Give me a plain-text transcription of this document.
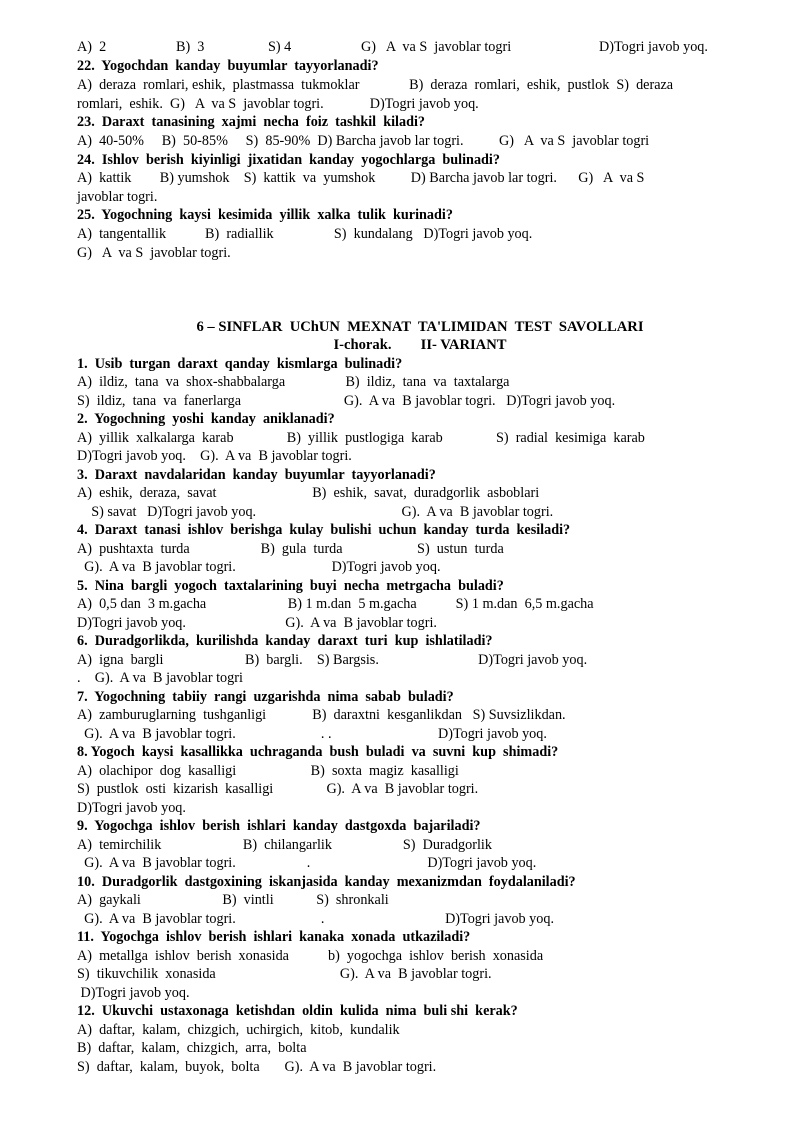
A)  2	B)  3	S) 4	G)   A  va S  javoblar togri	D)Togri javob yoq.
22.  Yogochdan  kanday  buyumlar  tayyorlanadi?
A)  deraza  romlari, eshik,  plastmassa  tukmoklar              B)  deraza  romlari,  eshik,  pustlok  S)  deraza
romlari,  eshik.  G)   A  va S  javoblar togri.             D)Togri javob yoq.
23.  Daraxt  tanasining  xajmi  necha  foiz  tashkil  kiladi?
A)  40-50%     B)  50-85%     S)  85-90%  D) Barcha javob lar togri.          G)   A  va S  javoblar togri
24.  Ishlov  berish  kiyinligi  jixatidan  kanday  yogochlarga  bulinadi?
A)  kattik        B) yumshok    S)  kattik  va  yumshok          D) Barcha javob lar togri.      G)   A  va S
javoblar togri.
25.  Yogochning  kaysi  kesimida  yillik  xalka  tulik  kurinadi?
A)  tangentallik           B)  radiallik                 S)  kundalang   D)Togri javob yoq.
G)   A  va S  javoblar togri.
6 – SINFLAR  UChUN  MEXNAT  TA'LIMIDAN  TEST  SAVOLLARI
I-chorak.        II- VARIANT
1.  Usib  turgan  daraxt  qanday  kismlarga  bulinadi?
A)  ildiz,  tana  va  shox-shabbalarga                 B)  ildiz,  tana  va  taxtalarga
S)  ildiz,  tana  va  fanerlarga                             G).  A va  B javoblar togri.   D)Togri javob yoq.
2.  Yogochning  yoshi  kanday  aniklanadi?
A)  yillik  xalkalarga  karab               B)  yillik  pustlogiga  karab               S)  radial  kesimiga  karab
D)Togri javob yoq.    G).  A va  B javoblar togri.
3.  Daraxt  navdalaridan  kanday  buyumlar  tayyorlanadi?
A)  eshik,  deraza,  savat                           B)  eshik,  savat,  duradgorlik  asboblari
S) savat   D)Togri javob yoq.                                         G).  A va  B javoblar togri.
4.  Daraxt  tanasi  ishlov  berishga  kulay  bulishi  uchun  kanday  turda  kesiladi?
A)  pushtaxta  turda                    B)  gula  turda                     S)  ustun  turda
G).  A va  B javoblar togri.                           D)Togri javob yoq.
5.  Nina  bargli  yogoch  taxtalarining  buyi  necha  metrgacha  buladi?
A)  0,5 dan  3 m.gacha                       B) 1 m.dan  5 m.gacha           S) 1 m.dan  6,5 m.gacha
D)Togri javob yoq.                            G).  A va  B javoblar togri.
6.  Duradgorlikda,  kurilishda  kanday  daraxt  turi  kup  ishlatiladi?
A)  igna  bargli                       B)  bargli.    S) Bargsis.                            D)Togri javob yoq.
.    G).  A va  B javoblar togri
7.  Yogochning  tabiiy  rangi  uzgarishda  nima  sabab  buladi?
A)  zamburuglarning  tushganligi             B)  daraxtni  kesganlikdan   S) Suvsizlikdan.
G).  A va  B javoblar togri.                        . .                              D)Togri javob yoq.
8. Yogoch  kaysi  kasallikka  uchraganda  bush  buladi  va  suvni  kup  shimadi?
A)  olachipor  dog  kasalligi                     B)  soxta  magiz  kasalligi
S)  pustlok  osti  kizarish  kasalligi               G).  A va  B javoblar togri.
D)Togri javob yoq.
9.  Yogochga  ishlov  berish  ishlari  kanday  dastgoxda  bajariladi?
A)  temirchilik                       B)  chilangarlik                    S)  Duradgorlik
G).  A va  B javoblar togri.                    .                                 D)Togri javob yoq.
10.  Duradgorlik  dastgoxining  iskanjasida  kanday  mexanizmdan  foydalaniladi?
A)  gaykali                       B)  vintli            S)  shronkali
G).  A va  B javoblar togri.                        .                                  D)Togri javob yoq.
11.  Yogochga  ishlov  berish  ishlari  kanaka  xonada  utkaziladi?
A)  metallga  ishlov  berish  xonasida           b)  yogochga  ishlov  berish  xonasida
S)  tikuvchilik  xonasida                                   G).  A va  B javoblar togri.
D)Togri javob yoq.
12.  Ukuvchi  ustaxonaga  ketishdan  oldin  kulida  nima  buli shi  kerak?
A)  daftar,  kalam,  chizgich,  uchirgich,  kitob,  kundalik
B)  daftar,  kalam,  chizgich,  arra,  bolta
S)  daftar,  kalam,  buyok,  bolta       G).  A va  B javoblar togri.
